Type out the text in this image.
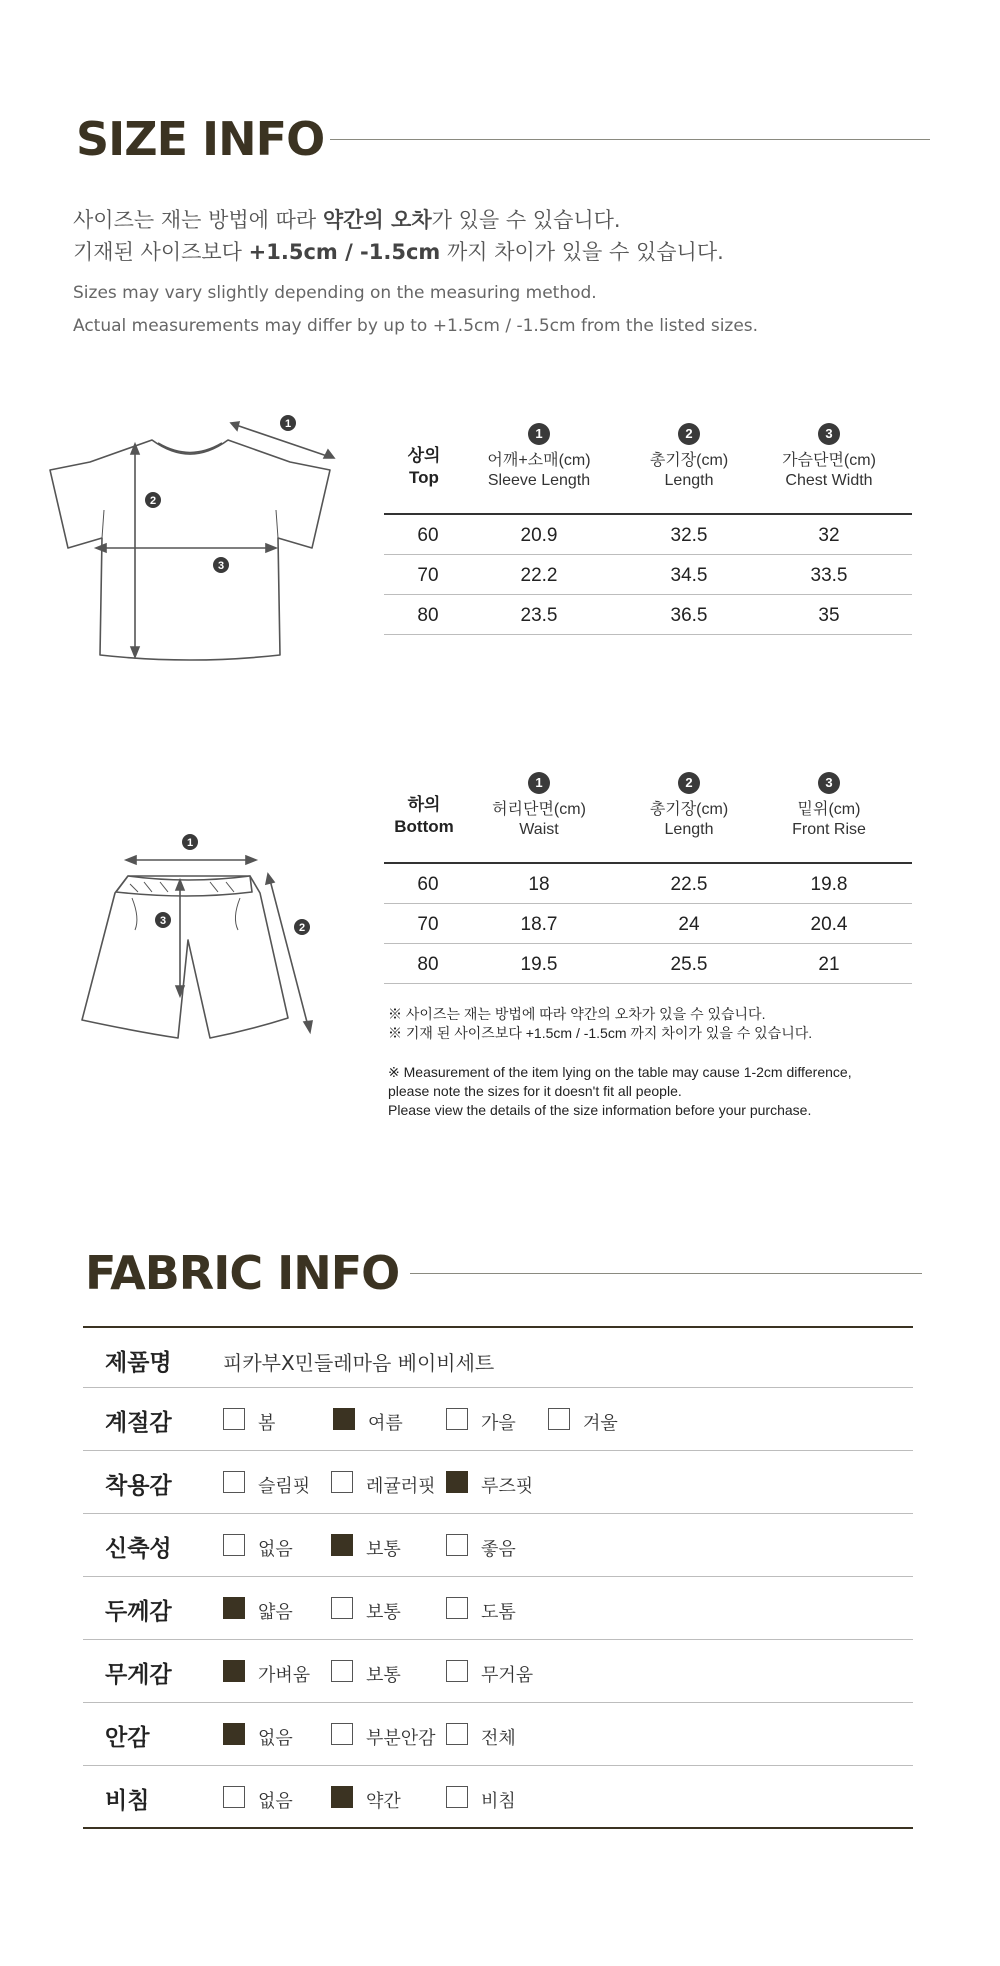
SIZE INFO
사이즈는 재는 방법에 따라 약간의 오차가 있을 수 있습니다.
기재된 사이즈보다 +1.5cm / -1.5cm 까지 차이가 있을 수 있습니다.
Sizes may vary slightly depending on the measuring method.
Actual measurements may differ by up to +1.5cm / -1.5cm from the listed sizes.
1
2
3
상의
Top
1
어깨+소매(cm)
Sleeve Length
2
총기장(cm)
Length
3
가슴단면(cm)
Chest Width
60	20.9	32.5	32
70	22.2	34.5	33.5
80	23.5	36.5	35
1
3
2
하의
Bottom
1
허리단면(cm)
Waist
2
총기장(cm)
Length
3
밑위(cm)
Front Rise
60	18	22.5	19.8
70	18.7	24	20.4
80	19.5	25.5	21
※ 사이즈는 재는 방법에 따라 약간의 오차가 있을 수 있습니다.
※ 기재 된 사이즈보다 +1.5cm / -1.5cm 까지 차이가 있을 수 있습니다.
※ Measurement of the item lying on the table may cause 1-2cm difference,
please note the sizes for it doesn't fit all people.
Please view the details of the size information before your purchase.
FABRIC INFO
제품명	피카부X민들레마음 베이비세트
계절감	봄	여름	가을	겨울
착용감	슬림핏	레귤러핏	루즈핏
신축성	없음	보통	좋음
두께감	얇음	보통	도톰
무게감	가벼움	보통	무거움
안감	없음	부분안감	전체
비침	없음	약간	비침
